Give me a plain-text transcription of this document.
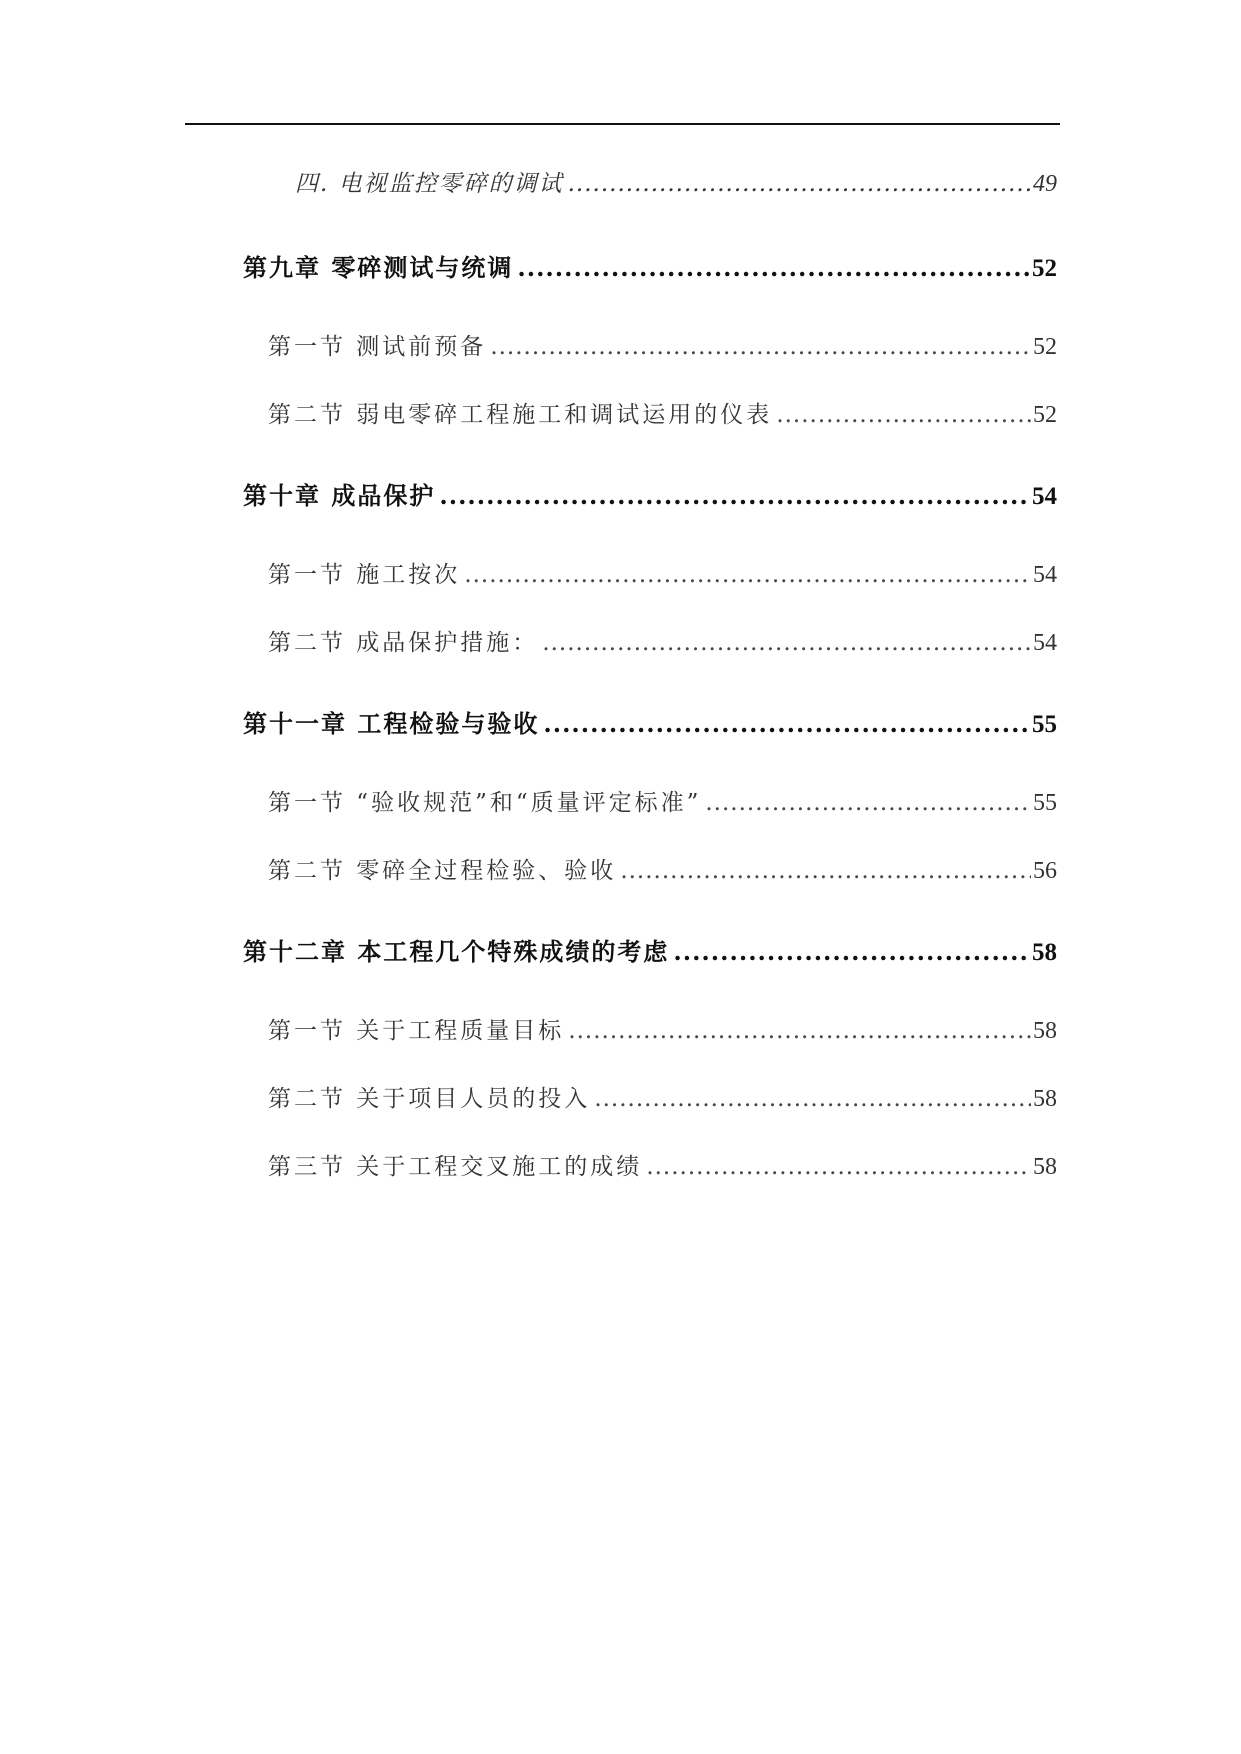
四. 电视监控零碎的调试 .....	49
第九章 零碎测试与统调 .....	52
第一节 测试前预备 .....	52
第二节 弱电零碎工程施工和调试运用的仪表 .....	52
第十章 成品保护 .....	54
第一节 施工按次 .....	54
第二节 成品保护措施： .....	54
第十一章 工程检验与验收 .....	55
第一节 “验收规范”和“质量评定标准” .....	55
第二节 零碎全过程检验、验收 .....	56
第十二章 本工程几个特殊成绩的考虑 .....	58
第一节 关于工程质量目标 .....	58
第二节 关于项目人员的投入 .....	58
第三节 关于工程交叉施工的成绩 .....	58
